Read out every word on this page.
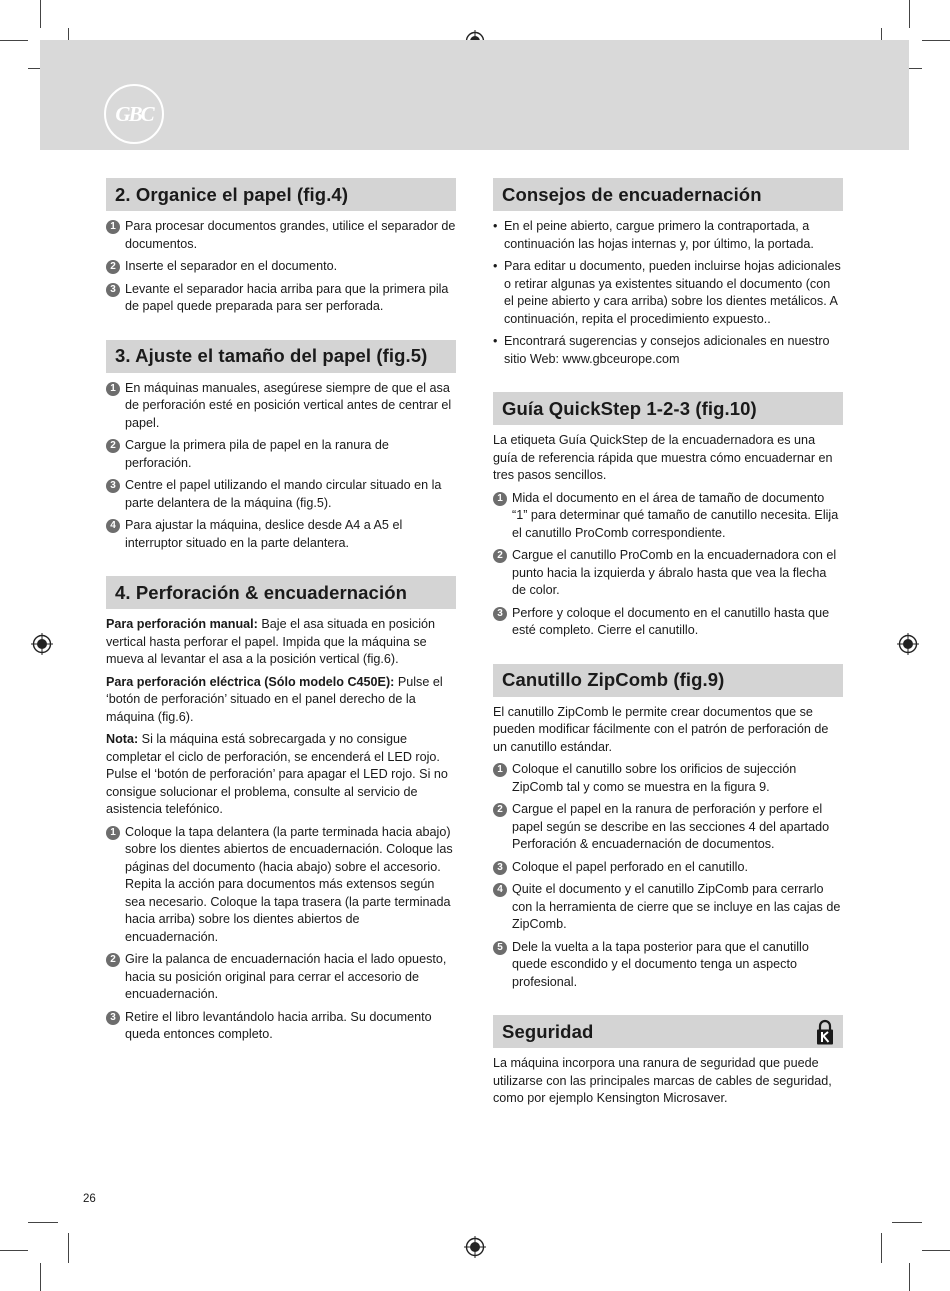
GBC
2. Organice el papel (fig.4)
1 Para procesar documentos grandes, utilice el separador de documentos.
2 Inserte el separador en el documento.
3 Levante el separador hacia arriba para que la primera pila de papel quede preparada para ser perforada.
3. Ajuste el tamaño del papel (fig.5)
1 En máquinas manuales, asegúrese siempre de que el asa de perforación esté en posición vertical antes de centrar el papel.
2 Cargue la primera pila de papel en la ranura de perforación.
3 Centre el papel utilizando el mando circular situado en la parte delantera de la máquina (fig.5).
4 Para ajustar la máquina, deslice desde A4 a A5 el interruptor situado en la parte delantera.
4. Perforación & encuadernación

Para perforación manual: Baje el asa situada en posición vertical hasta perforar el papel. Impida que la máquina se mueva al levantar el asa a la posición vertical (fig.6).

Para perforación eléctrica (Sólo modelo C450E): Pulse el ‘botón de perforación’ situado en el panel derecho de la máquina (fig.6).

Nota: Si la máquina está sobrecargada y no consigue completar el ciclo de perforación, se encenderá el LED rojo. Pulse el ‘botón de perforación’ para apagar el LED rojo. Si no consigue solucionar el problema, consulte al servicio de asistencia telefónico.

1 Coloque la tapa delantera (la parte terminada hacia abajo) sobre los dientes abiertos de encuadernación. Coloque las páginas del documento (hacia abajo) sobre el accesorio. Repita la acción para documentos más extensos según sea necesario. Coloque la tapa trasera (la parte terminada hacia arriba) sobre los dientes abiertos de encuadernación.
2 Gire la palanca de encuadernación hacia el lado opuesto, hacia su posición original para cerrar el accesorio de encuadernación.
3 Retire el libro levantándolo hacia arriba. Su documento queda entonces completo.
Consejos de encuadernación
• En el peine abierto, cargue primero la contraportada, a continuación las hojas internas y, por último, la portada.
• Para editar u documento, pueden incluirse hojas adicionales o retirar algunas ya existentes situando el documento (con el peine abierto y cara arriba) sobre los dientes metálicos. A continuación, repita el procedimiento expuesto..
• Encontrará sugerencias y consejos adicionales en nuestro sitio Web: www.gbceurope.com
Guía QuickStep 1-2-3 (fig.10)

La etiqueta Guía QuickStep de la encuadernadora es una guía de referencia rápida que muestra cómo encuadernar en tres pasos sencillos.

1 Mida el documento en el área de tamaño de documento “1” para determinar qué tamaño de canutillo necesita. Elija el canutillo ProComb correspondiente.
2 Cargue el canutillo ProComb en la encuadernadora con el punto hacia la izquierda y ábralo hasta que vea la flecha de color.
3 Perfore y coloque el documento en el canutillo hasta que esté completo. Cierre el canutillo.
Canutillo ZipComb (fig.9)

El canutillo ZipComb le permite crear documentos que se pueden modificar fácilmente con el patrón de perforación de un canutillo estándar.

1 Coloque el canutillo sobre los orificios de sujección ZipComb tal y como se muestra en la figura 9.
2 Cargue el papel en la ranura de perforación y perfore el papel según se describe en las secciones 4 del apartado Perforación & encuadernación de documentos.
3 Coloque el papel perforado en el canutillo.
4 Quite el documento y el canutillo ZipComb para cerrarlo con la herramienta de cierre que se incluye en las cajas de ZipComb.
5 Dele la vuelta a la tapa posterior para que el canutillo quede escondido y el documento tenga un aspecto profesional.
Seguridad

La máquina incorpora una ranura de seguridad que puede utilizarse con las principales marcas de cables de seguridad, como por ejemplo Kensington Microsaver.

26
